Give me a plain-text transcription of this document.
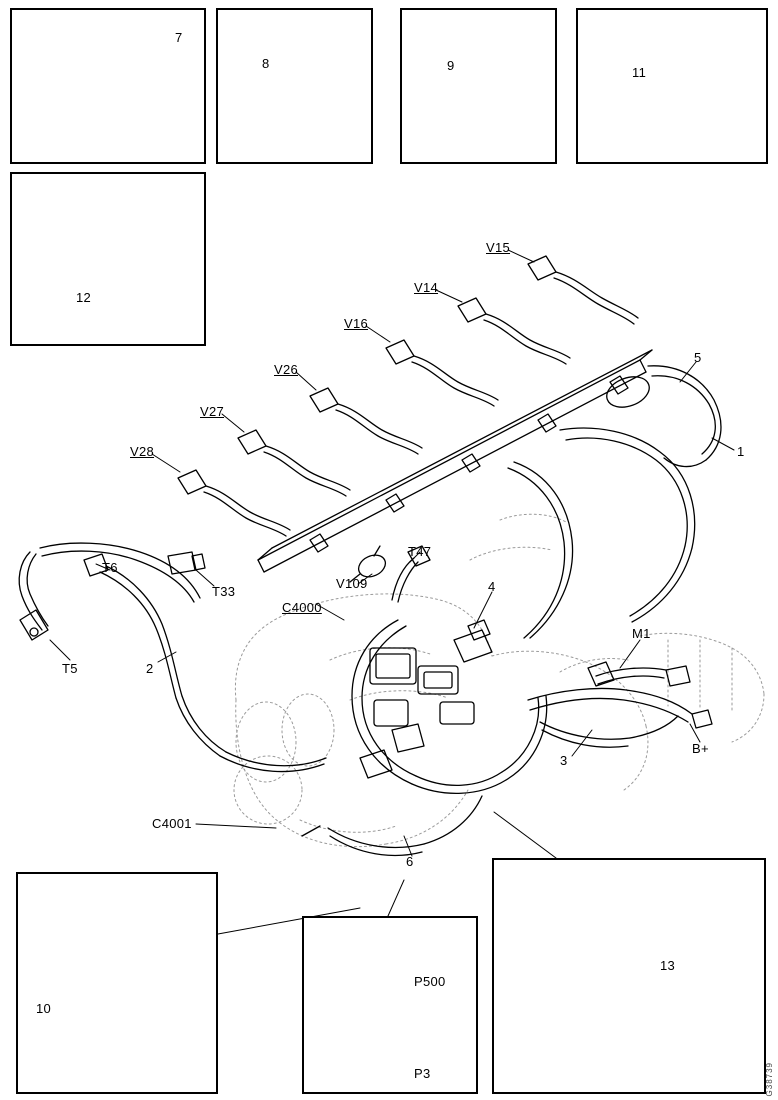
7
8	9	11
12
V15
V14
V16
V26
V27
V28
5
1
T6
T33
T5	2
C4000
V109
T47
4
M1
3
B+
C4001
6
10
P500
P3
13
G38739
